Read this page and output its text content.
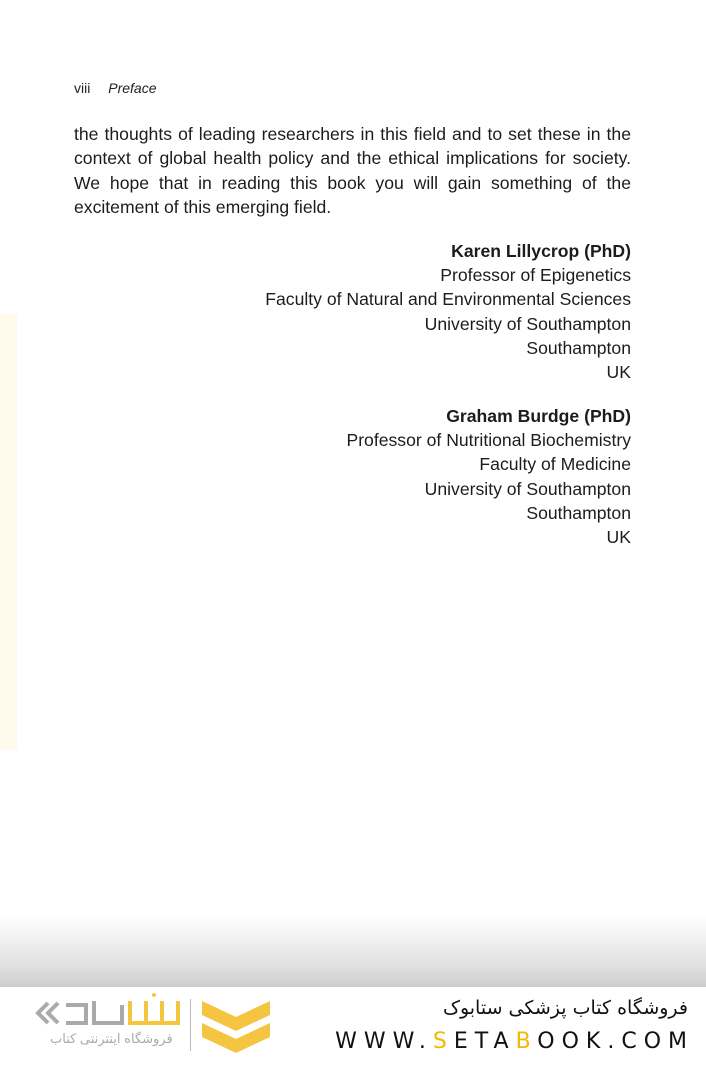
viii Preface

the thoughts of leading researchers in this field and to set these in the context of global health policy and the ethical implications for society. We hope that in reading this book you will gain something of the excitement of this emerging field.

Karen Lillycrop (PhD)
Professor of Epigenetics
Faculty of Natural and Environmental Sciences
University of Southampton
Southampton
UK
Graham Burdge (PhD)
Professor of Nutritional Biochemistry
Faculty of Medicine
University of Southampton
Southampton
UK
فروشگاه اینترنتی کتاب
فروشگاه کتاب پزشکی ستابوک
WWW.SETABOOK.COM
